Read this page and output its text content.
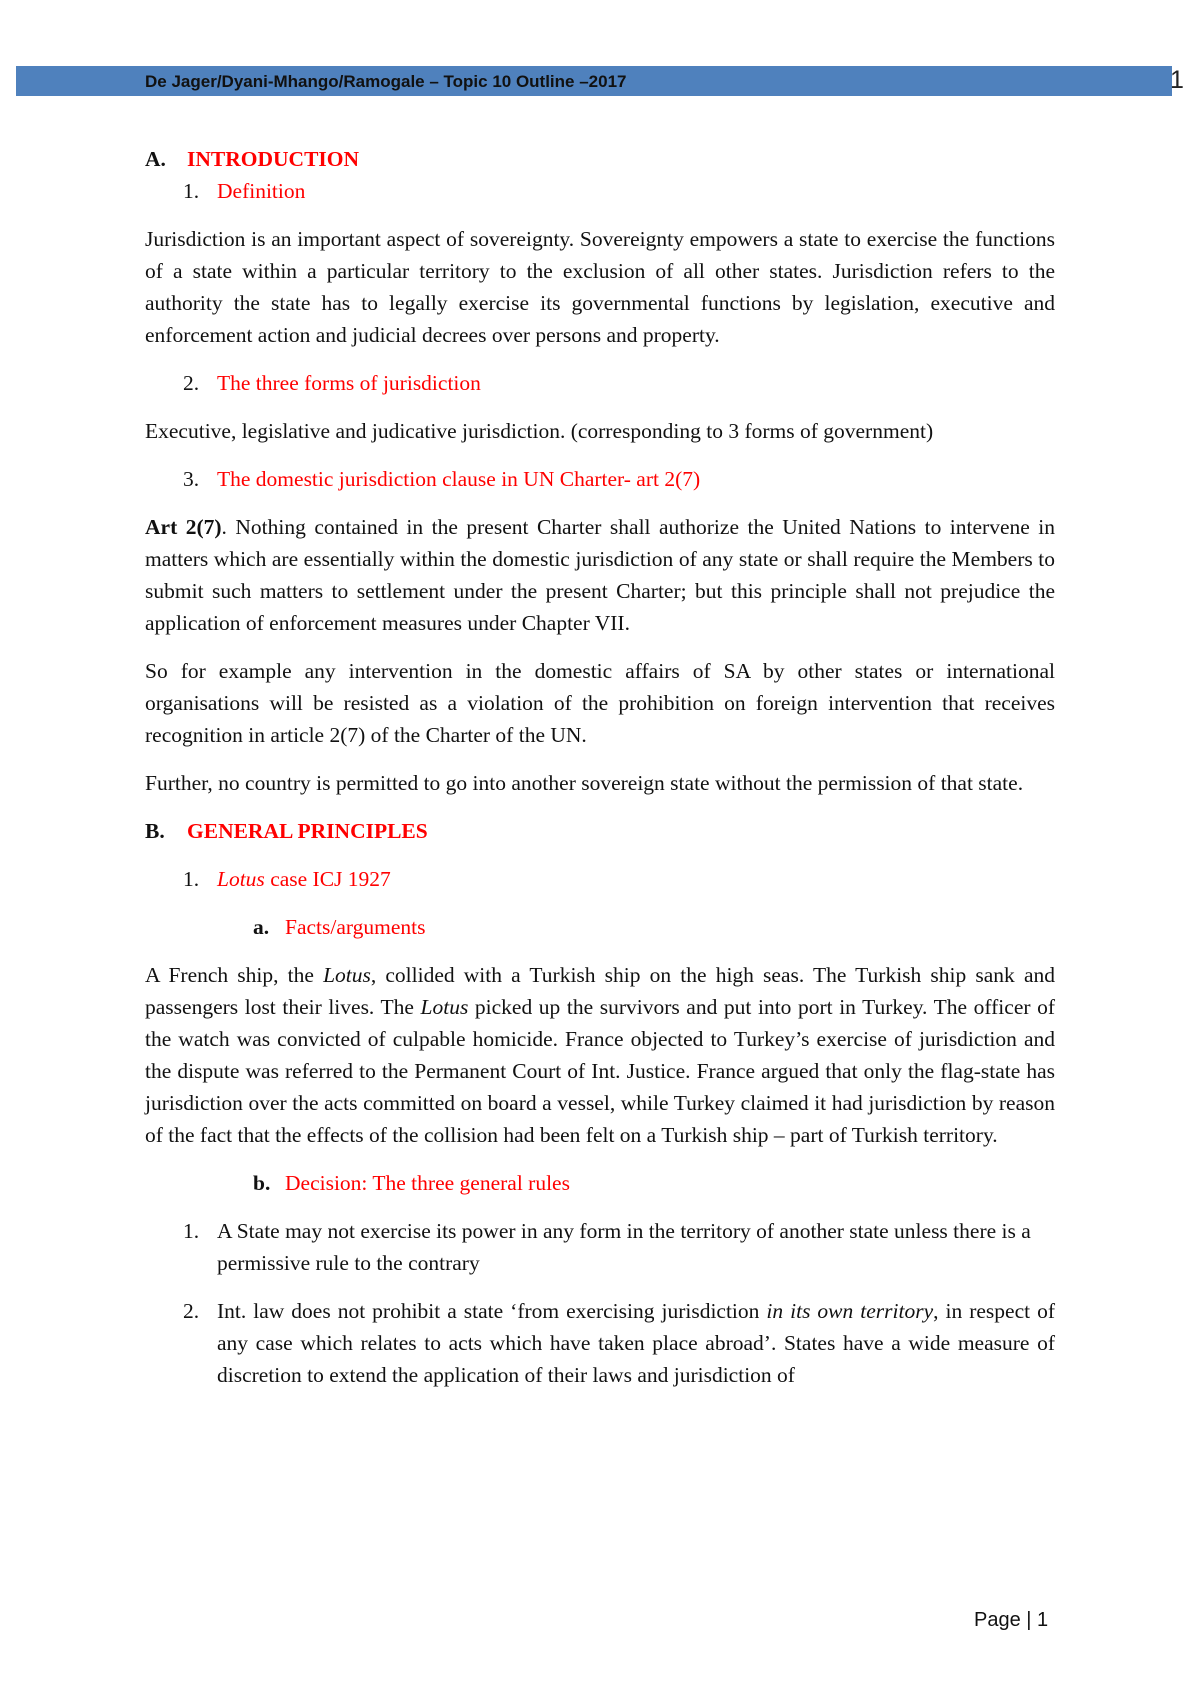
De Jager/Dyani-Mhango/Ramogale – Topic 10 Outline –2017	1

A. INTRODUCTION

1. Definition

Jurisdiction is an important aspect of sovereignty. Sovereignty empowers a state to exercise the functions of a state within a particular territory to the exclusion of all other states. Jurisdiction refers to the authority the state has to legally exercise its governmental functions by legislation, executive and enforcement action and judicial decrees over persons and property.

2. The three forms of jurisdiction

Executive, legislative and judicative jurisdiction. (corresponding to 3 forms of government)

3. The domestic jurisdiction clause in UN Charter- art 2(7)

Art 2(7). Nothing contained in the present Charter shall authorize the United Nations to intervene in matters which are essentially within the domestic jurisdiction of any state or shall require the Members to submit such matters to settlement under the present Charter; but this principle shall not prejudice the application of enforcement measures under Chapter VII.

So for example any intervention in the domestic affairs of SA by other states or international organisations will be resisted as a violation of the prohibition on foreign intervention that receives recognition in article 2(7) of the Charter of the UN.

Further, no country is permitted to go into another sovereign state without the permission of that state.

B. GENERAL PRINCIPLES

1. Lotus case ICJ 1927

a. Facts/arguments

A French ship, the Lotus, collided with a Turkish ship on the high seas. The Turkish ship sank and passengers lost their lives. The Lotus picked up the survivors and put into port in Turkey. The officer of the watch was convicted of culpable homicide. France objected to Turkey’s exercise of jurisdiction and the dispute was referred to the Permanent Court of Int. Justice. France argued that only the flag-state has jurisdiction over the acts committed on board a vessel, while Turkey claimed it had jurisdiction by reason of the fact that the effects of the collision had been felt on a Turkish ship – part of Turkish territory.

b. Decision: The three general rules

1. A State may not exercise its power in any form in the territory of another state unless there is a permissive rule to the contrary
2. Int. law does not prohibit a state ‘from exercising jurisdiction in its own territory, in respect of any case which relates to acts which have taken place abroad’. States have a wide measure of discretion to extend the application of their laws and jurisdiction of
Page | 1
